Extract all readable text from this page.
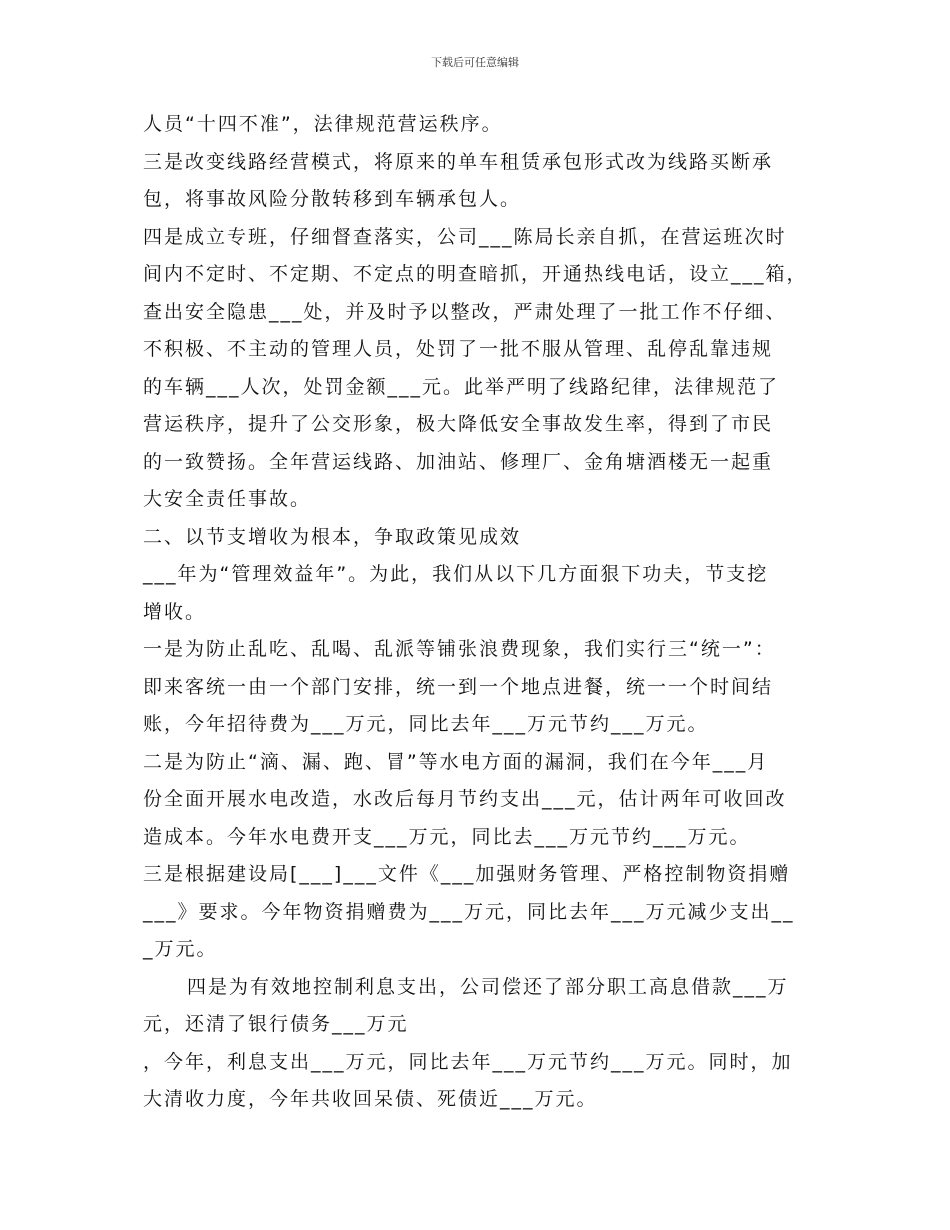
下载后可任意编辑
人员“十四不准”，法律规范营运秩序。
三是改变线路经营模式，将原来的单车租赁承包形式改为线路买断承
包，将事故风险分散转移到车辆承包人。
四是成立专班，仔细督查落实，公司___陈局长亲自抓，在营运班次时
间内不定时、不定期、不定点的明查暗抓，开通热线电话，设立___箱，
查出安全隐患___处，并及时予以整改，严肃处理了一批工作不仔细、
不积极、不主动的管理人员，处罚了一批不服从管理、乱停乱靠违规
的车辆___人次，处罚金额___元。此举严明了线路纪律，法律规范了
营运秩序，提升了公交形象，极大降低安全事故发生率，得到了市民
的一致赞扬。全年营运线路、加油站、修理厂、金角塘酒楼无一起重
大安全责任事故。
二、以节支增收为根本，争取政策见成效
___年为“管理效益年”。为此，我们从以下几方面狠下功夫，节支挖
增收。
一是为防止乱吃、乱喝、乱派等铺张浪费现象，我们实行三“统一”：
即来客统一由一个部门安排，统一到一个地点进餐，统一一个时间结
账，今年招待费为___万元，同比去年___万元节约___万元。
二是为防止“滴、漏、跑、冒”等水电方面的漏洞，我们在今年___月
份全面开展水电改造，水改后每月节约支出___元，估计两年可收回改
造成本。今年水电费开支___万元，同比去___万元节约___万元。
三是根据建设局[___]___文件《___加强财务管理、严格控制物资捐赠
___》要求。今年物资捐赠费为___万元，同比去年___万元减少支出__
_万元。
四是为有效地控制利息支出，公司偿还了部分职工高息借款___万
元，还清了银行债务___万元
，今年，利息支出___万元，同比去年___万元节约___万元。同时，加
大清收力度，今年共收回呆债、死债近___万元。
